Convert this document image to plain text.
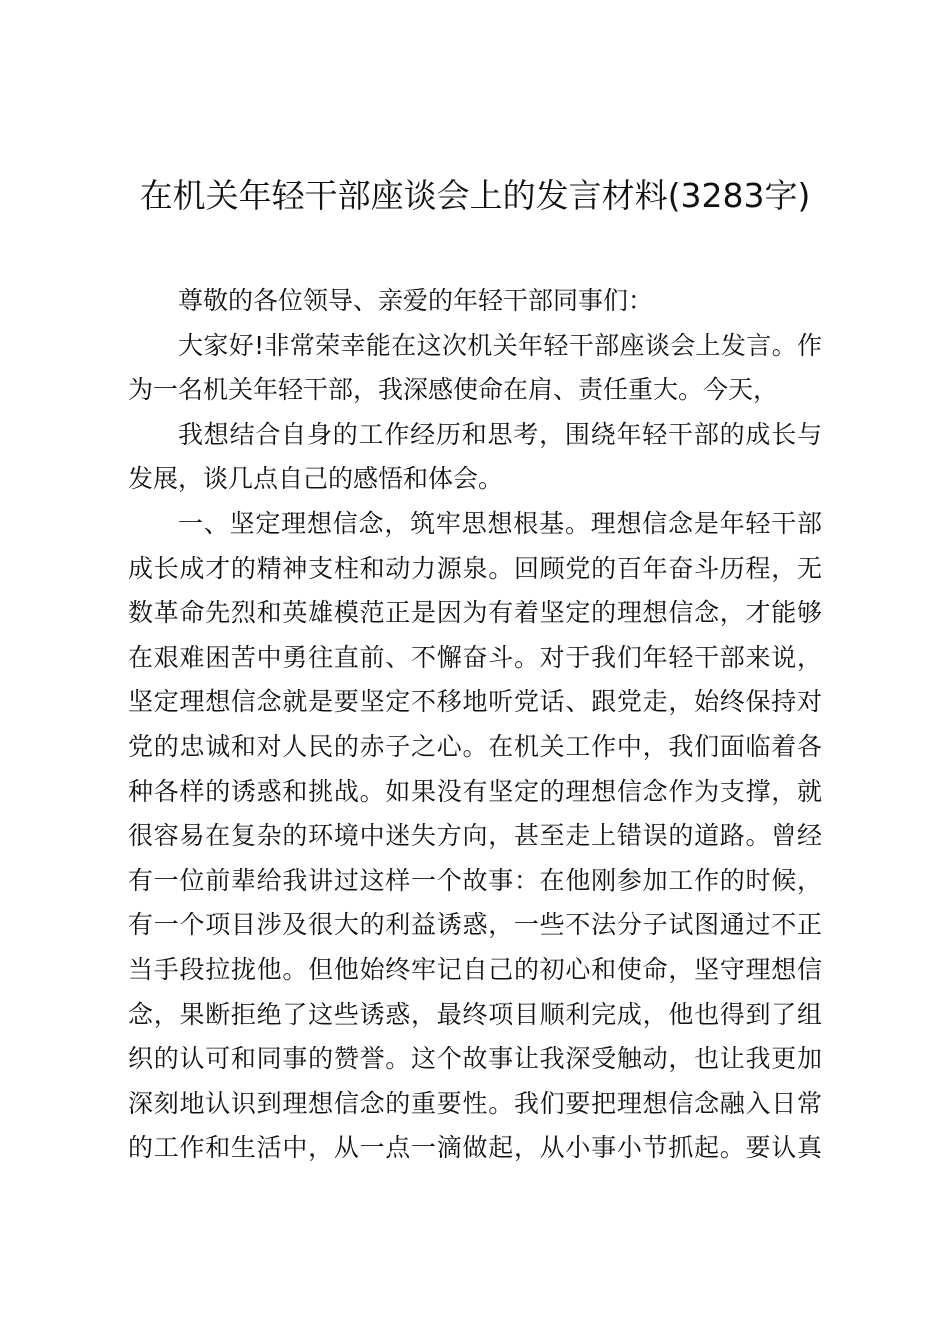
在机关年轻干部座谈会上的发言材料(3283字)
尊敬的各位领导、亲爱的年轻干部同事们：
大家好!非常荣幸能在这次机关年轻干部座谈会上发言。作
为一名机关年轻干部，我深感使命在肩、责任重大。今天，
我想结合自身的工作经历和思考，围绕年轻干部的成长与
发展，谈几点自己的感悟和体会。
一、坚定理想信念，筑牢思想根基。理想信念是年轻干部
成长成才的精神支柱和动力源泉。回顾党的百年奋斗历程，无
数革命先烈和英雄模范正是因为有着坚定的理想信念，才能够
在艰难困苦中勇往直前、不懈奋斗。对于我们年轻干部来说，
坚定理想信念就是要坚定不移地听党话、跟党走，始终保持对
党的忠诚和对人民的赤子之心。在机关工作中，我们面临着各
种各样的诱惑和挑战。如果没有坚定的理想信念作为支撑，就
很容易在复杂的环境中迷失方向，甚至走上错误的道路。曾经
有一位前辈给我讲过这样一个故事：在他刚参加工作的时候，
有一个项目涉及很大的利益诱惑，一些不法分子试图通过不正
当手段拉拢他。但他始终牢记自己的初心和使命，坚守理想信
念，果断拒绝了这些诱惑，最终项目顺利完成，他也得到了组
织的认可和同事的赞誉。这个故事让我深受触动，也让我更加
深刻地认识到理想信念的重要性。我们要把理想信念融入日常
的工作和生活中，从一点一滴做起，从小事小节抓起。要认真
